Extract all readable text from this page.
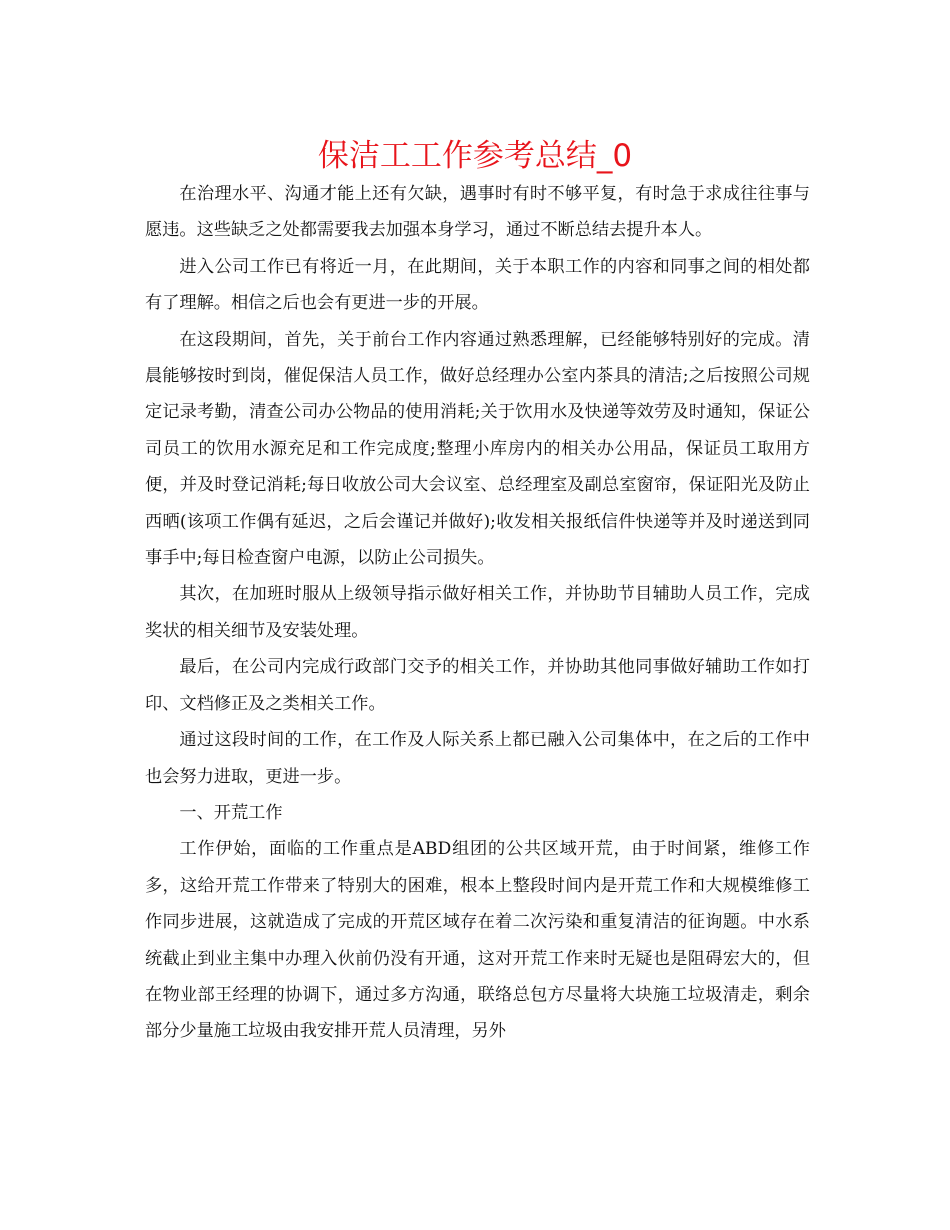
保洁工工作参考总结_0

在治理水平、沟通才能上还有欠缺，遇事时有时不够平复，有时急于求成往往事与愿违。这些缺乏之处都需要我去加强本身学习，通过不断总结去提升本人。

进入公司工作已有将近一月，在此期间，关于本职工作的内容和同事之间的相处都有了理解。相信之后也会有更进一步的开展。

在这段期间，首先，关于前台工作内容通过熟悉理解，已经能够特别好的完成。清晨能够按时到岗，催促保洁人员工作，做好总经理办公室内茶具的清洁;之后按照公司规定记录考勤，清查公司办公物品的使用消耗;关于饮用水及快递等效劳及时通知，保证公司员工的饮用水源充足和工作完成度;整理小库房内的相关办公用品，保证员工取用方便，并及时登记消耗;每日收放公司大会议室、总经理室及副总室窗帘，保证阳光及防止西晒(该项工作偶有延迟，之后会谨记并做好);收发相关报纸信件快递等并及时递送到同事手中;每日检查窗户电源，以防止公司损失。

其次，在加班时服从上级领导指示做好相关工作，并协助节目辅助人员工作，完成奖状的相关细节及安装处理。

最后，在公司内完成行政部门交予的相关工作，并协助其他同事做好辅助工作如打印、文档修正及之类相关工作。

通过这段时间的工作，在工作及人际关系上都已融入公司集体中，在之后的工作中也会努力进取，更进一步。

一、开荒工作

工作伊始，面临的工作重点是ABD组团的公共区域开荒，由于时间紧，维修工作多，这给开荒工作带来了特别大的困难，根本上整段时间内是开荒工作和大规模维修工作同步进展，这就造成了完成的开荒区域存在着二次污染和重复清洁的征询题。中水系统截止到业主集中办理入伙前仍没有开通，这对开荒工作来时无疑也是阻碍宏大的，但在物业部王经理的协调下，通过多方沟通，联络总包方尽量将大块施工垃圾清走，剩余部分少量施工垃圾由我安排开荒人员清理，另外
